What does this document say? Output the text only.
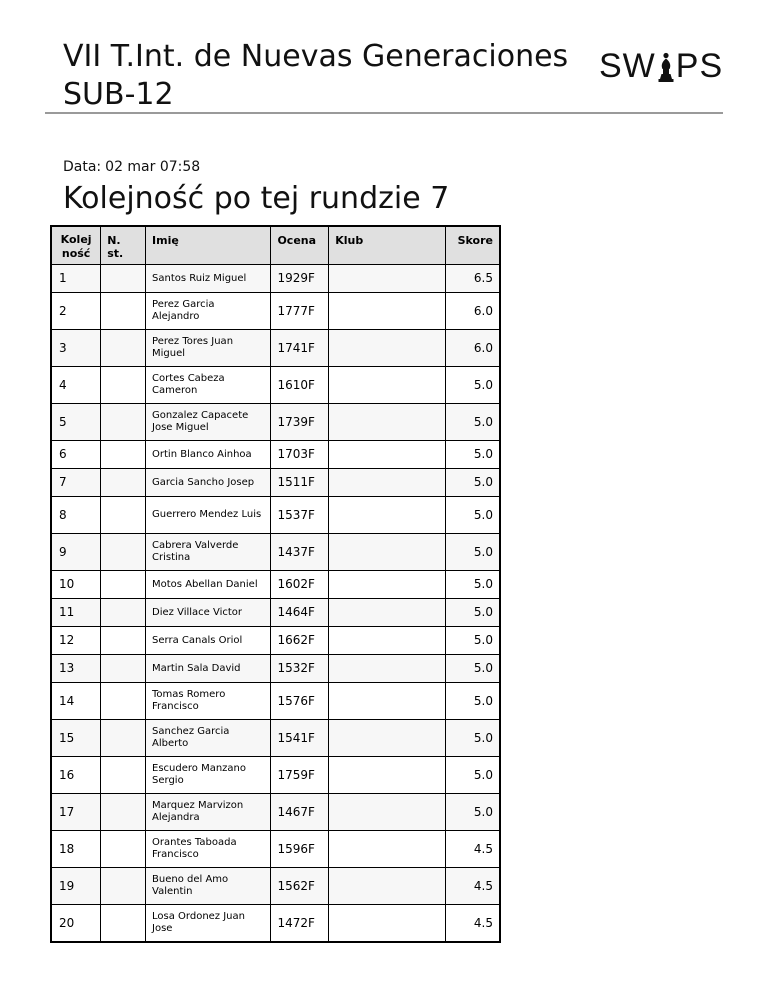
VII T.Int. de Nuevas Generaciones SUB-12
SW PS
Data: 02 mar 07:58
Kolejność po tej rundzie 7
Kolej
ność	N. st.	Imię	Ocena	Klub	Skore
1		Santos Ruiz Miguel	1929F		6.5
2		Perez Garcia Alejandro	1777F		6.0
3		Perez Tores Juan Miguel	1741F		6.0
4		Cortes Cabeza Cameron	1610F		5.0
5		Gonzalez Capacete Jose Miguel	1739F		5.0
6		Ortin Blanco Ainhoa	1703F		5.0
7		Garcia Sancho Josep	1511F		5.0
8		Guerrero Mendez Luis	1537F		5.0
9		Cabrera Valverde Cristina	1437F		5.0
10		Motos Abellan Daniel	1602F		5.0
11		Diez Villace Victor	1464F		5.0
12		Serra Canals Oriol	1662F		5.0
13		Martin Sala David	1532F		5.0
14		Tomas Romero Francisco	1576F		5.0
15		Sanchez Garcia Alberto	1541F		5.0
16		Escudero Manzano Sergio	1759F		5.0
17		Marquez Marvizon Alejandra	1467F		5.0
18		Orantes Taboada Francisco	1596F		4.5
19		Bueno del Amo Valentin	1562F		4.5
20		Losa Ordonez Juan Jose	1472F		4.5
